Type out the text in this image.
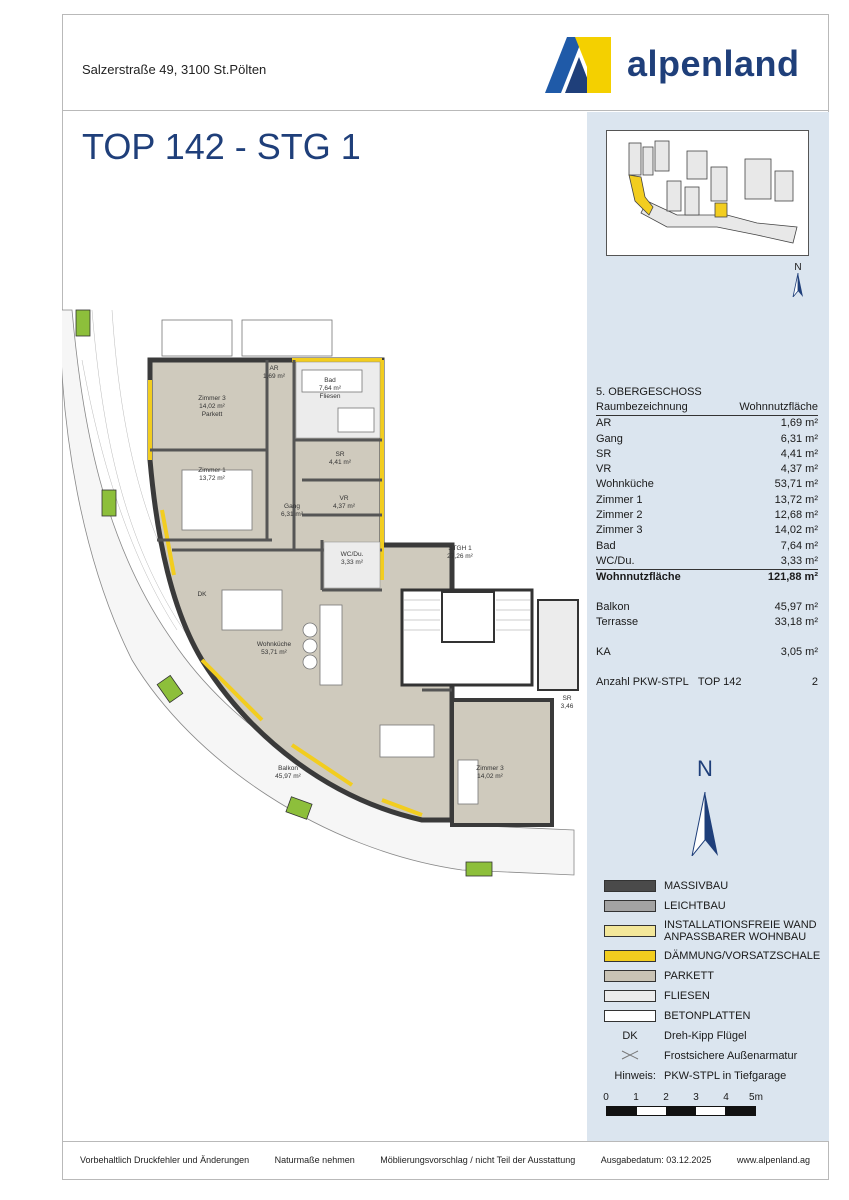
Salzerstraße 49, 3100 St.Pölten	alpenland
TOP 142 - STG 1
N
5. OBERGESCHOSS
Raumbezeichnung	Wohnnutzfläche
AR	1,69 m²
Gang	6,31 m²
SR	4,41 m²
VR	4,37 m²
Wohnküche	53,71 m²
Zimmer 1	13,72 m²
Zimmer 2	12,68 m²
Zimmer 3	14,02 m²
Bad	7,64 m²
WC/Du.	3,33 m²
Wohnnutzfläche	121,88 m²
Balkon	45,97 m²
Terrasse	33,18 m²
KA	3,05 m²
Anzahl PKW-STPL TOP 142	2
N
MASSIVBAU
LEICHTBAU
INSTALLATIONSFREIE WAND
ANPASSBARER WOHNBAU
DÄMMUNG/VORSATZSCHALE
PARKETT
FLIESEN
BETONPLATTEN
DK	Dreh-Kipp Flügel
Frostsichere Außenarmatur
Hinweis: PKW-STPL in Tiefgarage
0 1 2 3 4 5m
Zimmer 3
14,02 m²
Parkett
AR
1,69 m²
Bad
7,64 m²
Fliesen
Zimmer 1
13,72 m²
SR
4,41 m²
Gang
6,31 m²
VR
4,37 m²
WC/Du.
3,33 m²
Wohnküche
53,71 m²
Balkon
45,97 m²
STGH 1
27,26 m²
Zimmer 3
14,02 m²
SR
3,46
DK
Vorbehaltlich Druckfehler und Änderungen	Naturmaße nehmen	Möblierungsvorschlag / nicht Teil der Ausstattung	Ausgabedatum: 03.12.2025	www.alpenland.ag
